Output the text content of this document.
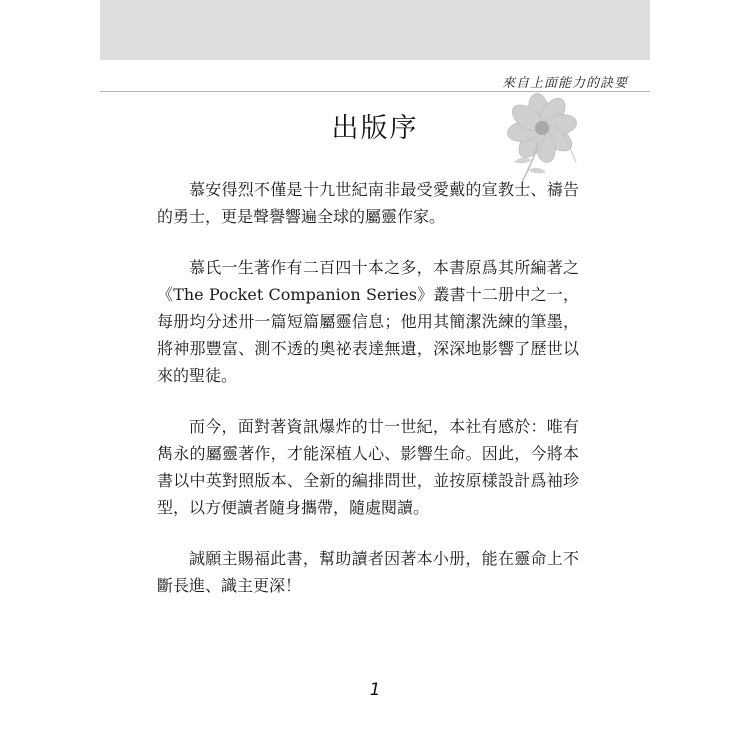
來自上面能力的訣要
出版序

慕安得烈不僅是十九世紀南非最受愛戴的宣教士、禱告的勇士，更是聲譽響遍全球的屬靈作家。

慕氏一生著作有二百四十本之多，本書原爲其所編著之《The Pocket Companion Series》叢書十二册中之一，每册均分述卅一篇短篇屬靈信息；他用其簡潔洗練的筆墨，將神那豐富、測不透的奧祕表達無遺，深深地影響了歷世以來的聖徒。

而今，面對著資訊爆炸的廿一世紀，本社有感於：唯有雋永的屬靈著作，才能深植人心、影響生命。因此，今將本書以中英對照版本、全新的編排問世，並按原樣設計爲袖珍型，以方便讀者隨身攜帶，隨處閱讀。

誠願主賜福此書，幫助讀者因著本小册，能在靈命上不斷長進、識主更深！

1
